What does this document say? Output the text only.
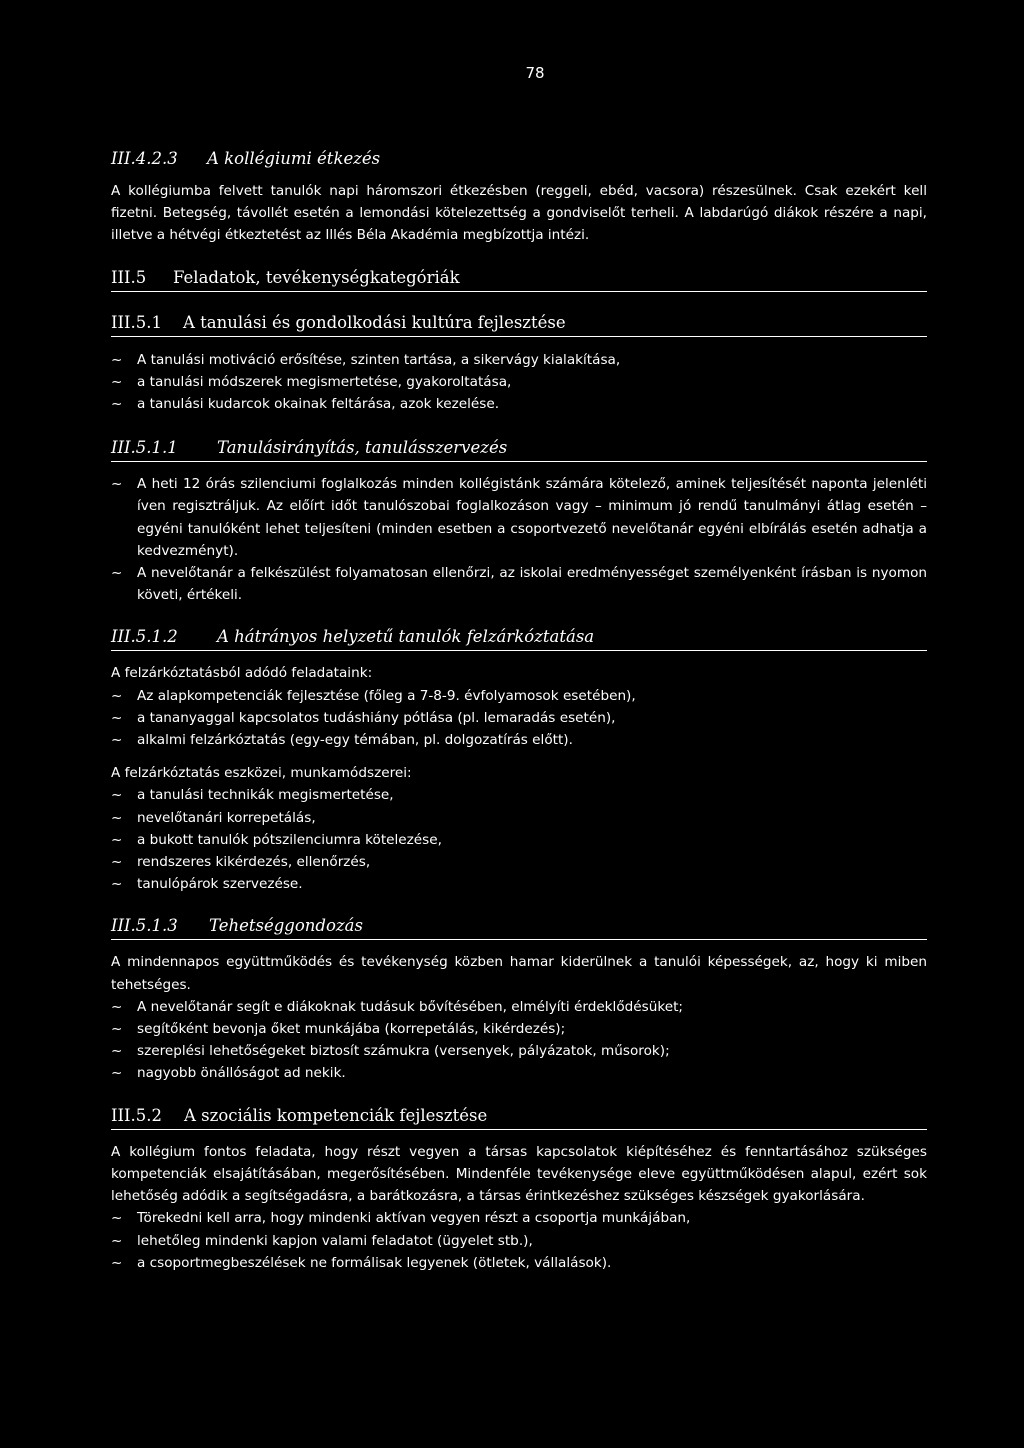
78
III.4.2.3	A kollégiumi étkezés

A kollégiumba felvett tanulók napi háromszori étkezésben (reggeli, ebéd, vacsora) részesülnek. Csak ezekért kell fizetni. Betegség, távollét esetén a lemondási kötelezettség a gondviselőt terheli. A labdarúgó diákok részére a napi, illetve a hétvégi étkeztetést az Illés Béla Akadémia megbízottja intézi.

III.5	Feladatok, tevékenységkategóriák
III.5.1	A tanulási és gondolkodási kultúra fejlesztése
~	A tanulási motiváció erősítése, szinten tartása, a sikervágy kialakítása,
~	a tanulási módszerek megismertetése, gyakoroltatása,
~	a tanulási kudarcok okainak feltárása, azok kezelése.
III.5.1.1	Tanulásirányítás, tanulásszervezés
~	A heti 12 órás szilenciumi foglalkozás minden kollégistánk számára kötelező, aminek teljesítését naponta jelenléti íven regisztráljuk. Az előírt időt tanulószobai foglalkozáson vagy – minimum jó rendű tanulmányi átlag esetén – egyéni tanulóként lehet teljesíteni (minden esetben a csoportvezető nevelőtanár egyéni elbírálás esetén adhatja a kedvezményt).
~	A nevelőtanár a felkészülést folyamatosan ellenőrzi, az iskolai eredményességet személyenként írásban is nyomon követi, értékeli.
III.5.1.2	A hátrányos helyzetű tanulók felzárkóztatása

A felzárkóztatásból adódó feladataink:

~	Az alapkompetenciák fejlesztése (főleg a 7-8-9. évfolyamosok esetében),
~	a tananyaggal kapcsolatos tudáshiány pótlása (pl. lemaradás esetén),
~	alkalmi felzárkóztatás (egy-egy témában, pl. dolgozatírás előtt).

A felzárkóztatás eszközei, munkamódszerei:

~	a tanulási technikák megismertetése,
~	nevelőtanári korrepetálás,
~	a bukott tanulók pótszilenciumra kötelezése,
~	rendszeres kikérdezés, ellenőrzés,
~	tanulópárok szervezése.
III.5.1.3	Tehetséggondozás

A mindennapos együttműködés és tevékenység közben hamar kiderülnek a tanulói képességek, az, hogy ki miben tehetséges.

~	A nevelőtanár segít e diákoknak tudásuk bővítésében, elmélyíti érdeklődésüket;
~	segítőként bevonja őket munkájába (korrepetálás, kikérdezés);
~	szereplési lehetőségeket biztosít számukra (versenyek, pályázatok, műsorok);
~	nagyobb önállóságot ad nekik.
III.5.2	A szociális kompetenciák fejlesztése

A kollégium fontos feladata, hogy részt vegyen a társas kapcsolatok kiépítéséhez és fenntartásához szükséges kompetenciák elsajátításában, megerősítésében. Mindenféle tevékenysége eleve együttműködésen alapul, ezért sok lehetőség adódik a segítségadásra, a barátkozásra, a társas érintkezéshez szükséges készségek gyakorlására.

~	Törekedni kell arra, hogy mindenki aktívan vegyen részt a csoportja munkájában,
~	lehetőleg mindenki kapjon valami feladatot (ügyelet stb.),
~	a csoportmegbeszélések ne formálisak legyenek (ötletek, vállalások).
